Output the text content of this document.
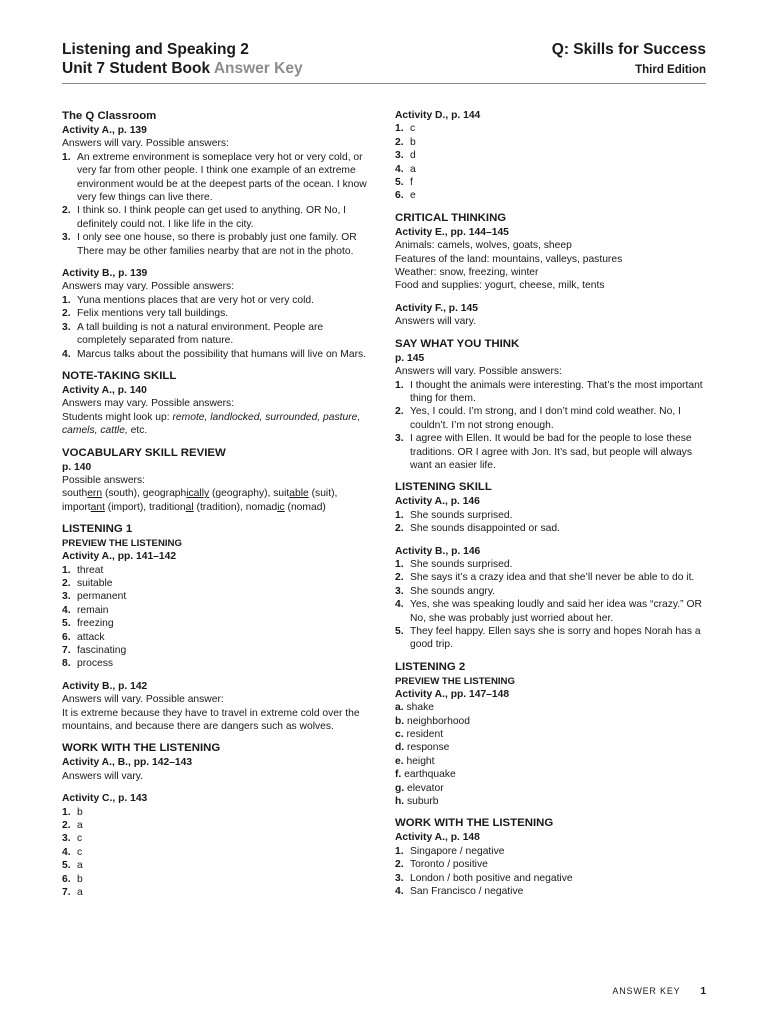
Listening and Speaking 2
Unit 7 Student Book Answer Key
Q: Skills for Success
Third Edition
The Q Classroom
Activity A., p. 139

Answers will vary. Possible answers:

1. An extreme environment is someplace very hot or very cold, or very far from other people. I think one example of an extreme environment would be at the deepest parts of the ocean. I know very few things can live there.
2. I think so. I think people can get used to anything. OR No, I definitely could not. I like life in the city.
3. I only see one house, so there is probably just one family. OR There may be other families nearby that are not in the photo.
Activity B., p. 139

Answers may vary. Possible answers:

1. Yuna mentions places that are very hot or very cold.
2. Felix mentions very tall buildings.
3. A tall building is not a natural environment. People are completely separated from nature.
4. Marcus talks about the possibility that humans will live on Mars.
NOTE-TAKING SKILL
Activity A., p. 140

Answers may vary. Possible answers:

Students might look up: remote, landlocked, surrounded, pasture, camels, cattle, etc.

VOCABULARY SKILL REVIEW
p. 140

Possible answers:

southern (south), geographically (geography), suitable (suit),
important (import), traditional (tradition), nomadic (nomad)

LISTENING 1
PREVIEW THE LISTENING
Activity A., pp. 141–142
1. threat
2. suitable
3. permanent
4. remain
5. freezing
6. attack
7. fascinating
8. process
Activity B., p. 142

Answers will vary. Possible answer:

It is extreme because they have to travel in extreme cold over the mountains, and because there are dangers such as wolves.

WORK WITH THE LISTENING
Activity A., B., pp. 142–143

Answers will vary.

Activity C., p. 143
1. b
2. a
3. c
4. c
5. a
6. b
7. a
Activity D., p. 144
1. c
2. b
3. d
4. a
5. f
6. e
CRITICAL THINKING
Activity E., pp. 144–145

Animals: camels, wolves, goats, sheep

Features of the land: mountains, valleys, pastures

Weather: snow, freezing, winter

Food and supplies: yogurt, cheese, milk, tents

Activity F., p. 145

Answers will vary.

SAY WHAT YOU THINK
p. 145

Answers will vary. Possible answers:

1. I thought the animals were interesting. That’s the most important thing for them.
2. Yes, I could. I’m strong, and I don’t mind cold weather. No, I couldn’t. I’m not strong enough.
3. I agree with Ellen. It would be bad for the people to lose these traditions. OR I agree with Jon. It’s sad, but people will always want an easier life.
LISTENING SKILL
Activity A., p. 146
1. She sounds surprised.
2. She sounds disappointed or sad.
Activity B., p. 146
1. She sounds surprised.
2. She says it’s a crazy idea and that she’ll never be able to do it.
3. She sounds angry.
4. Yes, she was speaking loudly and said her idea was “crazy.” OR No, she was probably just worried about her.
5. They feel happy. Ellen says she is sorry and hopes Norah has a good trip.
LISTENING 2
PREVIEW THE LISTENING
Activity A., pp. 147–148

a. shake

b. neighborhood

c. resident

d. response

e. height

f. earthquake

g. elevator

h. suburb

WORK WITH THE LISTENING
Activity A., p. 148
1. Singapore / negative
2. Toronto / positive
3. London / both positive and negative
4. San Francisco / negative
ANSWER KEY 1
